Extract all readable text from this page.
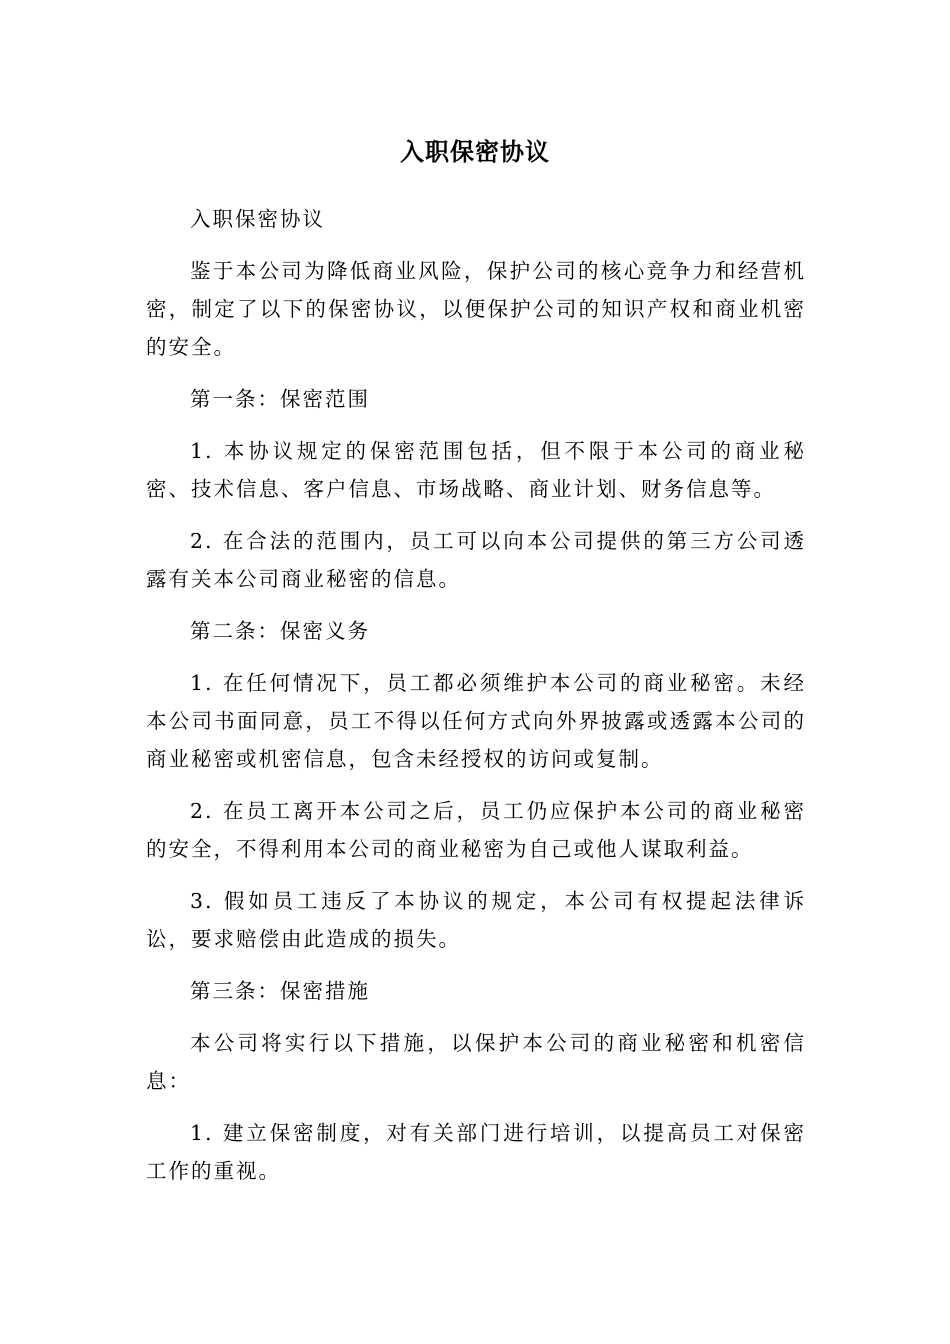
入职保密协议

入职保密协议

鉴于本公司为降低商业风险，保护公司的核心竞争力和经营机密，制定了以下的保密协议，以便保护公司的知识产权和商业机密的安全。

第一条：保密范围

1. 本协议规定的保密范围包括，但不限于本公司的商业秘密、技术信息、客户信息、市场战略、商业计划、财务信息等。

2. 在合法的范围内，员工可以向本公司提供的第三方公司透露有关本公司商业秘密的信息。

第二条：保密义务

1. 在任何情况下，员工都必须维护本公司的商业秘密。未经本公司书面同意，员工不得以任何方式向外界披露或透露本公司的商业秘密或机密信息，包含未经授权的访问或复制。

2. 在员工离开本公司之后，员工仍应保护本公司的商业秘密的安全，不得利用本公司的商业秘密为自己或他人谋取利益。

3. 假如员工违反了本协议的规定，本公司有权提起法律诉讼，要求赔偿由此造成的损失。

第三条：保密措施

本公司将实行以下措施，以保护本公司的商业秘密和机密信息：

1. 建立保密制度，对有关部门进行培训，以提高员工对保密工作的重视。
